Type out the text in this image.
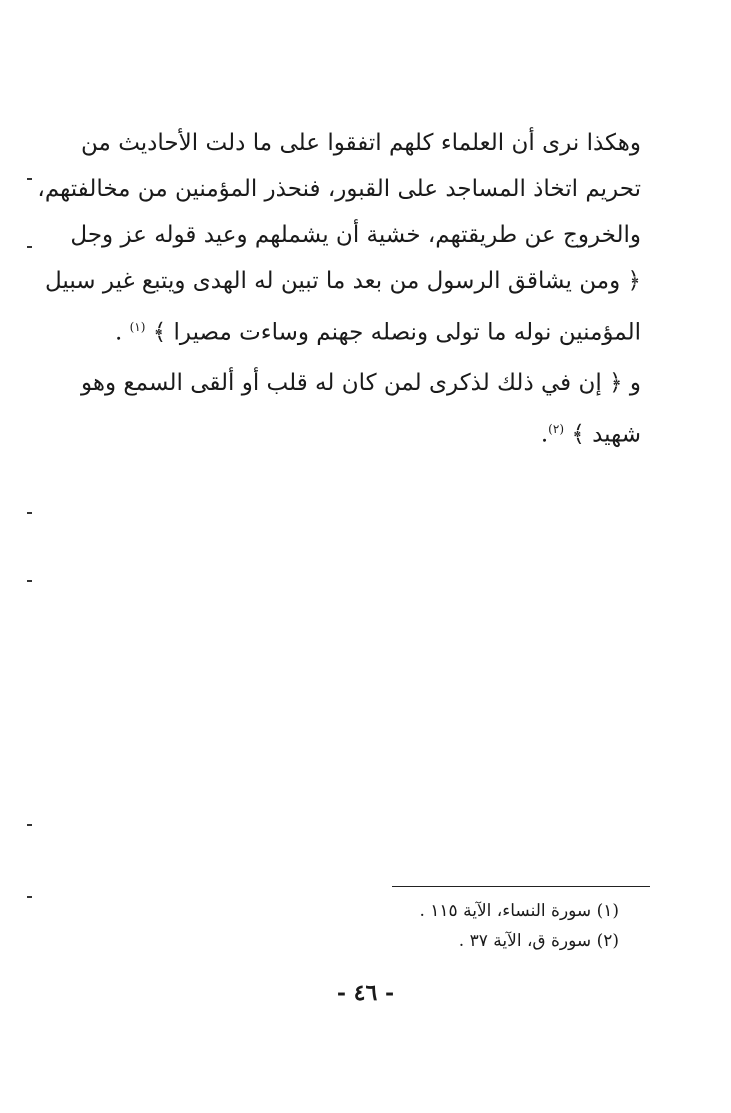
وهكذا نرى أن العلماء كلهم اتفقوا على ما دلت الأحاديث من
تحريم اتخاذ المساجد على القبور، فنحذر المؤمنين من مخالفتهم،
والخروج عن طريقتهم، خشية أن يشملهم وعيد قوله عز وجل
﴿ ومن يشاقق الرسول من بعد ما تبين له الهدى ويتبع غير سبيل
المؤمنين نوله ما تولى ونصله جهنم وساءت مصيرا ﴾ $^{(١)}$ .
و ﴿ إن في ذلك لذكرى لمن كان له قلب أو ألقى السمع وهو
شهيد ﴾ $^{(٢)}$.
(١) سورة النساء، الآية ١١٥ .
(٢) سورة ق، الآية ٣٧ .
- ٤٦ -
